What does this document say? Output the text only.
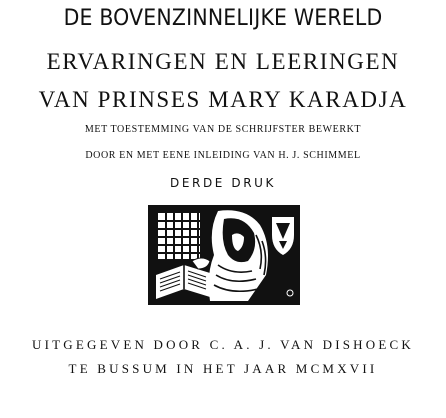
DE BOVENZINNELIJKE WERELD
ERVARINGEN EN LEERINGEN
VAN PRINSES MARY KARADJA
MET TOESTEMMING VAN DE SCHRIJFSTER BEWERKT
DOOR EN MET EENE INLEIDING VAN H. J. SCHIMMEL
DERDE DRUK
UITGEGEVEN DOOR C. A. J. VAN DISHOECK
TE BUSSUM IN HET JAAR MCMXVII
